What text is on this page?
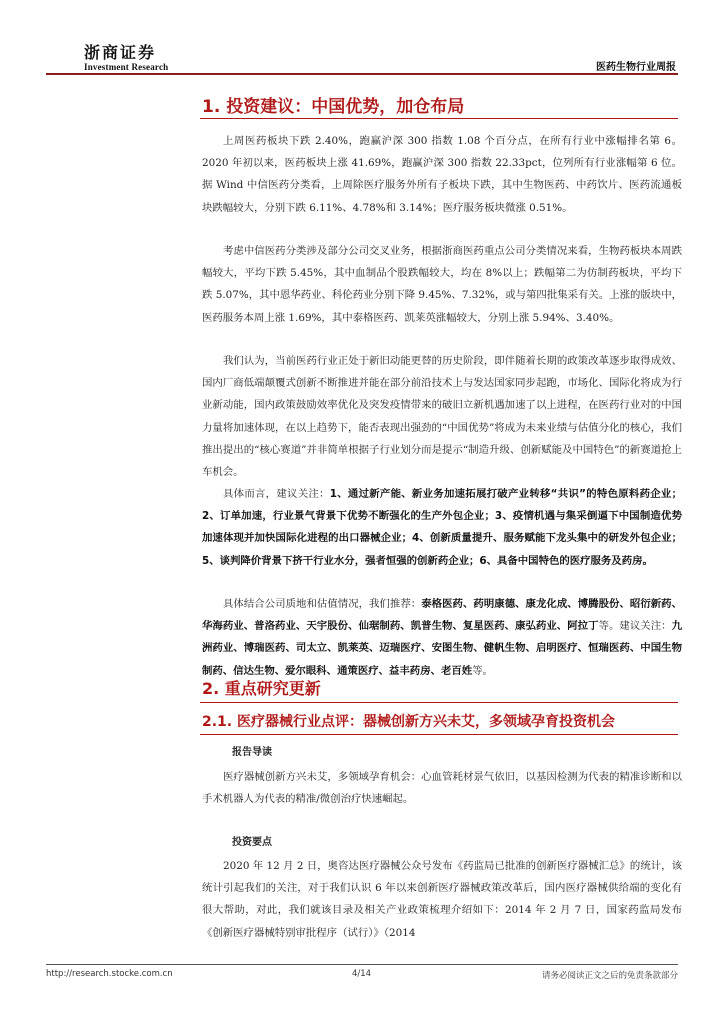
浙商证券
Investment Research	医药生物行业周报
1. 投资建议：中国优势，加仓布局
上周医药板块下跌 2.40%，跑赢沪深 300 指数 1.08 个百分点，在所有行业中涨幅排名第 6。2020 年初以来，医药板块上涨 41.69%，跑赢沪深 300 指数 22.33pct，位列所有行业涨幅第 6 位。据 Wind 中信医药分类看，上周除医疗服务外所有子板块下跌，其中生物医药、中药饮片、医药流通板块跌幅较大，分别下跌 6.11%、4.78%和 3.14%；医疗服务板块微涨 0.51%。
考虑中信医药分类涉及部分公司交叉业务，根据浙商医药重点公司分类情况来看，生物药板块本周跌幅较大，平均下跌 5.45%，其中血制品个股跌幅较大，均在 8%以上；跌幅第二为仿制药板块，平均下跌 5.07%，其中恩华药业、科伦药业分别下降 9.45%、7.32%，或与第四批集采有关。上涨的版块中，医药服务本周上涨 1.69%，其中泰格医药、凯莱英涨幅较大，分别上涨 5.94%、3.40%。
我们认为，当前医药行业正处于新旧动能更替的历史阶段，即伴随着长期的政策改革逐步取得成效、国内厂商低端颠覆式创新不断推进并能在部分前沿技术上与发达国家同步起跑，市场化、国际化将成为行业新动能，国内政策鼓励效率优化及突发疫情带来的破旧立新机遇加速了以上进程，在医药行业对的中国力量将加速体现，在以上趋势下，能否表现出强劲的“中国优势”将成为未来业绩与估值分化的核心，我们推出提出的“核心赛道”并非简单根据子行业划分而是提示“制造升级、创新赋能及中国特色”的新赛道抢上车机会。
具体而言，建议关注：1、通过新产能、新业务加速拓展打破产业转移“共识”的特色原料药企业；2、订单加速，行业景气背景下优势不断强化的生产外包企业；3、疫情机遇与集采倒逼下中国制造优势加速体现并加快国际化进程的出口器械企业；4、创新质量提升、服务赋能下龙头集中的研发外包企业；5、谈判降价背景下挤干行业水分，强者恒强的创新药企业；6、具备中国特色的医疗服务及药房。
具体结合公司质地和估值情况，我们推荐：泰格医药、药明康德、康龙化成、博腾股份、昭衍新药、华海药业、普洛药业、天宇股份、仙琚制药、凯普生物、复星医药、康弘药业、阿拉丁等。建议关注：九洲药业、博瑞医药、司太立、凯莱英、迈瑞医疗、安图生物、健帆生物、启明医疗、恒瑞医药、中国生物制药、信达生物、爱尔眼科、通策医疗、益丰药房、老百姓等。
2. 重点研究更新
2.1. 医疗器械行业点评：器械创新方兴未艾，多领域孕育投资机会
报告导读
医疗器械创新方兴未艾，多领域孕育机会：心血管耗材景气依旧，以基因检测为代表的精准诊断和以手术机器人为代表的精准/微创治疗快速崛起。
投资要点
2020 年 12 月 2 日，奥咨达医疗器械公众号发布《药监局已批准的创新医疗器械汇总》的统计，该统计引起我们的关注，对于我们认识 6 年以来创新医疗器械政策改革后，国内医疗器械供给端的变化有很大帮助，对此，我们就该目录及相关产业政策梳理介绍如下：2014 年 2 月 7 日，国家药监局发布《创新医疗器械特别审批程序（试行）》（2014
http://research.stocke.com.cn	4/14	请务必阅读正文之后的免责条款部分
